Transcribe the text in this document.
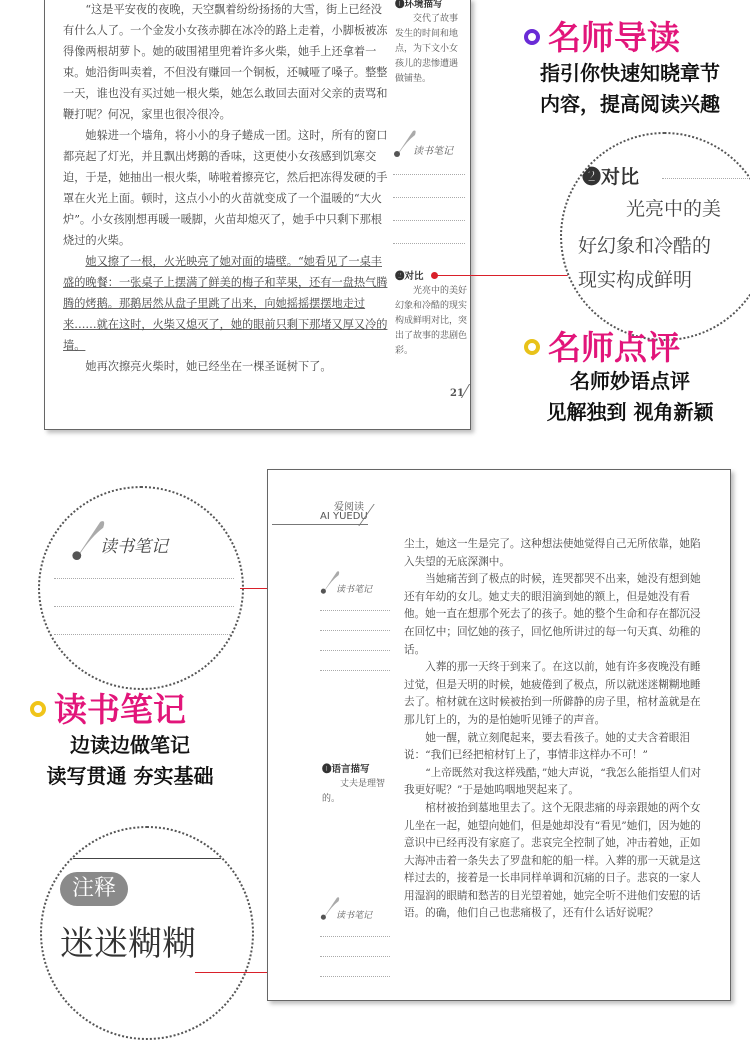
“这是平安夜的夜晚，天空飘着纷纷扬扬的大雪，街上已经没有什么人了。一个金发小女孩赤脚在冰冷的路上走着，小脚板被冻得像两根胡萝卜。她的破围裙里兜着许多火柴，她手上还拿着一束。她沿街叫卖着，不但没有赚回一个铜板，还喊哑了嗓子。整整一天，谁也没有买过她一根火柴，她怎么敢回去面对父亲的责骂和鞭打呢？何况，家里也很冷很冷。

她躲进一个墙角，将小小的身子蜷成一团。这时，所有的窗口都亮起了灯光，并且飘出烤鹅的香味，这更使小女孩感到饥寒交迫，于是，她抽出一根火柴，哧啦着擦亮它，然后把冻得发硬的手罩在火光上面。顿时，这点小小的火苗就变成了一个温暖的“大火炉”。小女孩刚想再暖一暖脚，火苗却熄灭了，她手中只剩下那根烧过的火柴。

她又擦了一根，火光映亮了她对面的墙壁。“她看见了一桌丰盛的晚餐：一张桌子上摆满了鲜美的梅子和苹果，还有一盘热气腾腾的烤鹅。那鹅居然从盘子里跳了出来，向她摇摇摆摆地走过来……就在这时，火柴又熄灭了，她的眼前只剩下那堵又厚又冷的墙。

她再次擦亮火柴时，她已经坐在一棵圣诞树下了。

❶环境描写
交代了故事发生的时间和地点，为下文小女孩儿的悲惨遭遇做铺垫。
读书笔记
❷对比
光亮中的美好幻象和冷酷的现实构成鲜明对比，突出了故事的悲剧色彩。
21
名师导读
指引你快速知晓章节
内容，提高阅读兴趣
❷对比
光亮中的美
好幻象和冷酷的
现实构成鲜明
名师点评
名师妙语点评
见解独到 视角新颖
读书笔记
读书笔记
边读边做笔记
读写贯通 夯实基础
注释
迷迷糊糊
爱阅读
AI YUEDU
读书笔记
❶语言描写
丈夫是理智的。
读书笔记

尘土，她这一生是完了。这种想法使她觉得自己无所依靠，她陷入失望的无底深渊中。

当她痛苦到了极点的时候，连哭都哭不出来，她没有想到她还有年幼的女儿。她丈夫的眼泪滴到她的额上，但是她没有看他。她一直在想那个死去了的孩子。她的整个生命和存在都沉浸在回忆中；回忆她的孩子，回忆他所讲过的每一句天真、幼稚的话。

入葬的那一天终于到来了。在这以前，她有许多夜晚没有睡过觉，但是天明的时候，她疲倦到了极点，所以就迷迷糊糊地睡去了。棺材就在这时候被抬到一所僻静的房子里，棺材盖就是在那儿钉上的，为的是怕她听见锤子的声音。

她一醒，就立刻爬起来，要去看孩子。她的丈夫含着眼泪说：“我们已经把棺材钉上了，事情非这样办不可！”

“上帝既然对我这样残酷，”她大声说，“我怎么能指望人们对我更好呢？”于是她呜咽地哭起来了。

棺材被抬到墓地里去了。这个无限悲痛的母亲跟她的两个女儿坐在一起，她望向她们，但是她却没有“看见”她们，因为她的意识中已经再没有家庭了。悲哀完全控制了她，冲击着她，正如大海冲击着一条失去了罗盘和舵的船一样。入葬的那一天就是这样过去的，接着是一长串同样单调和沉痛的日子。悲哀的一家人用湿润的眼睛和愁苦的目光望着她，她完全听不进他们安慰的话语。的确，他们自己也悲痛极了，还有什么话好说呢？
